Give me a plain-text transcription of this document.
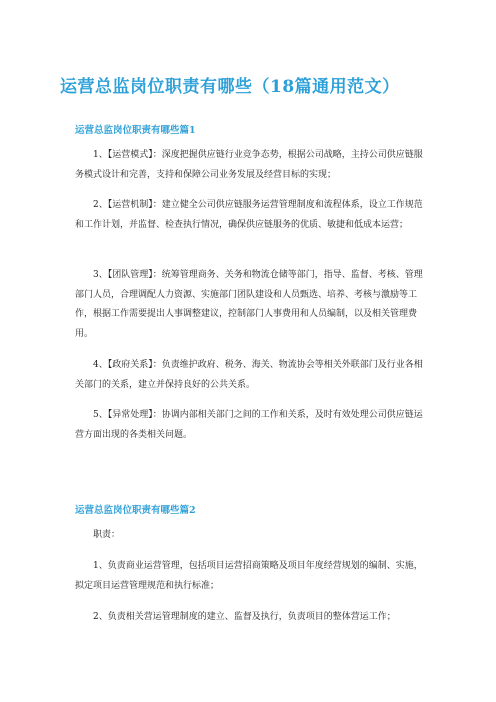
运营总监岗位职责有哪些（18篇通用范文）
运营总监岗位职责有哪些篇1

1、【运营模式】：深度把握供应链行业竞争态势，根据公司战略，主持公司供应链服务模式设计和完善，支持和保障公司业务发展及经营目标的实现；

2、【运营机制】：建立健全公司供应链服务运营管理制度和流程体系，设立工作规范和工作计划，并监督、检查执行情况，确保供应链服务的优质、敏捷和低成本运营；

3、【团队管理】：统筹管理商务、关务和物流仓储等部门，指导、监督、考核、管理部门人员，合理调配人力资源、实施部门团队建设和人员甄选、培养、考核与激励等工作，根据工作需要提出人事调整建议，控制部门人事费用和人员编制，以及相关管理费用。

4、【政府关系】：负责维护政府、税务、海关、物流协会等相关外联部门及行业各相关部门的关系，建立并保持良好的公共关系。

5、【异常处理】：协调内部相关部门之间的工作和关系，及时有效处理公司供应链运营方面出现的各类相关问题。

运营总监岗位职责有哪些篇2

职责：

1、负责商业运营管理，包括项目运营招商策略及项目年度经营规划的编制、实施，拟定项目运营管理规范和执行标准；

2、负责相关营运管理制度的建立、监督及执行，负责项目的整体营运工作；
